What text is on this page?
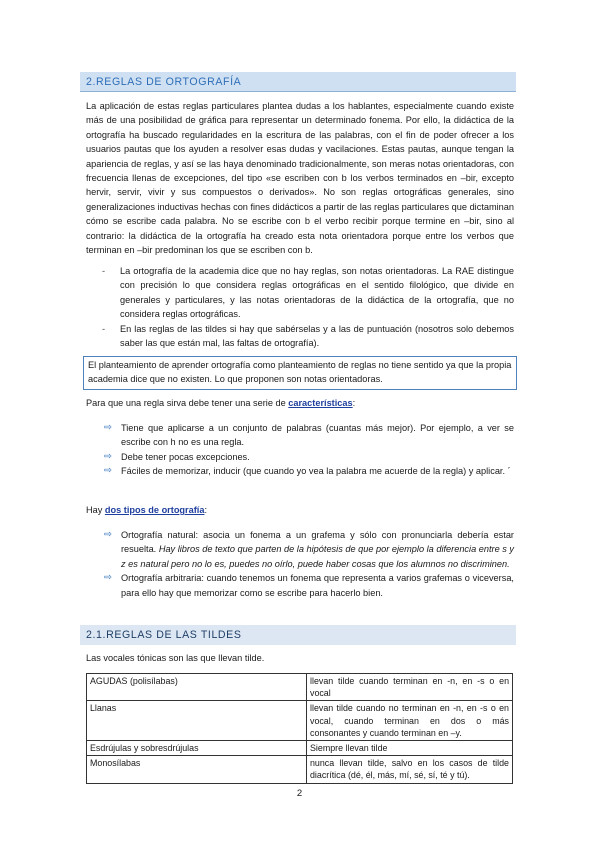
2.REGLAS DE ORTOGRAFÍA

La aplicación de estas reglas particulares plantea dudas a los hablantes, especialmente cuando existe más de una posibilidad de gráfica para representar un determinado fonema. Por ello, la didáctica de la ortografía ha buscado regularidades en la escritura de las palabras, con el fin de poder ofrecer a los usuarios pautas que los ayuden a resolver esas dudas y vacilaciones. Estas pautas, aunque tengan la apariencia de reglas, y así se las haya denominado tradicionalmente, son meras notas orientadoras, con frecuencia llenas de excepciones, del tipo «se escriben con b los verbos terminados en –bir, excepto hervir, servir, vivir y sus compuestos o derivados». No son reglas ortográficas generales, sino generalizaciones inductivas hechas con fines didácticos a partir de las reglas particulares que dictaminan cómo se escribe cada palabra. No se escribe con b el verbo recibir porque termine en –bir, sino al contrario: la didáctica de la ortografía ha creado esta nota orientadora porque entre los verbos que terminan en –bir predominan los que se escriben con b.

- La ortografía de la academia dice que no hay reglas, son notas orientadoras. La RAE distingue con precisión lo que considera reglas ortográficas en el sentido filológico, que divide en generales y particulares, y las notas orientadoras de la didáctica de la ortografía, que no considera reglas ortográficas.
- En las reglas de las tildes si hay que sabérselas y a las de puntuación (nosotros solo debemos saber las que están mal, las faltas de ortografía).
El planteamiento de aprender ortografía como planteamiento de reglas no tiene sentido ya que la propia academia dice que no existen. Lo que proponen son notas orientadoras.
Para que una regla sirva debe tener una serie de características:
⇨ Tiene que aplicarse a un conjunto de palabras (cuantas más mejor). Por ejemplo, a ver se escribe con h no es una regla.
⇨ Debe tener pocas excepciones.
⇨ Fáciles de memorizar, inducir (que cuando yo vea la palabra me acuerde de la regla) y aplicar. ´
Hay dos tipos de ortografía:
⇨ Ortografía natural: asocia un fonema a un grafema y sólo con pronunciarla debería estar resuelta. Hay libros de texto que parten de la hipótesis de que por ejemplo la diferencia entre s y z es natural pero no lo es, puedes no oírlo, puede haber cosas que los alumnos no discriminen.
⇨ Ortografía arbitraria: cuando tenemos un fonema que representa a varios grafemas o viceversa, para ello hay que memorizar como se escribe para hacerlo bien.
2.1.REGLAS DE LAS TILDES
Las vocales tónicas son las que llevan tilde.
AGUDAS (polisílabas)	llevan tilde cuando terminan en -n, en -s o en vocal
Llanas	llevan tilde cuando no terminan en -n, en -s o en vocal, cuando terminan en dos o más consonantes y cuando terminan en –y.
Esdrújulas y sobresdrújulas	Siempre llevan tilde
Monosílabas	nunca llevan tilde, salvo en los casos de tilde diacrítica (dé, él, más, mí, sé, sí, té y tú).
2
